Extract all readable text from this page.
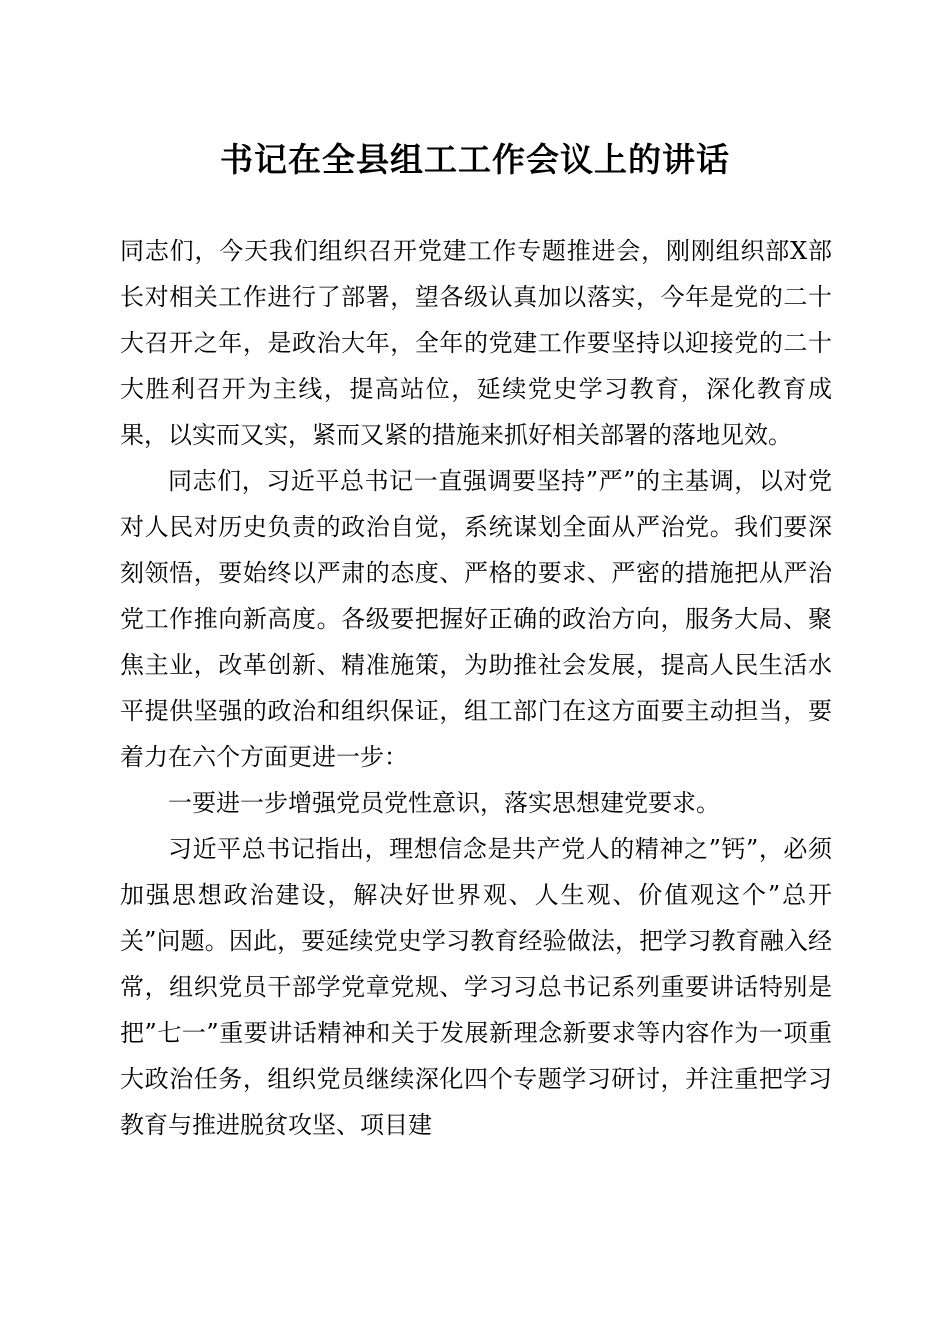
书记在全县组工工作会议上的讲话

同志们，今天我们组织召开党建工作专题推进会，刚刚组织部X部长对相关工作进行了部署，望各级认真加以落实，今年是党的二十大召开之年，是政治大年，全年的党建工作要坚持以迎接党的二十大胜利召开为主线，提高站位，延续党史学习教育，深化教育成果，以实而又实，紧而又紧的措施来抓好相关部署的落地见效。

同志们，习近平总书记一直强调要坚持”严”的主基调，以对党对人民对历史负责的政治自觉，系统谋划全面从严治党。我们要深刻领悟，要始终以严肃的态度、严格的要求、严密的措施把从严治党工作推向新高度。各级要把握好正确的政治方向，服务大局、聚焦主业，改革创新、精准施策，为助推社会发展，提高人民生活水平提供坚强的政治和组织保证，组工部门在这方面要主动担当，要着力在六个方面更进一步：

一要进一步增强党员党性意识，落实思想建党要求。

习近平总书记指出，理想信念是共产党人的精神之”钙”，必须加强思想政治建设，解决好世界观、人生观、价值观这个”总开关”问题。因此，要延续党史学习教育经验做法，把学习教育融入经常，组织党员干部学党章党规、学习习总书记系列重要讲话特别是把”七一”重要讲话精神和关于发展新理念新要求等内容作为一项重大政治任务，组织党员继续深化四个专题学习研讨，并注重把学习教育与推进脱贫攻坚、项目建
